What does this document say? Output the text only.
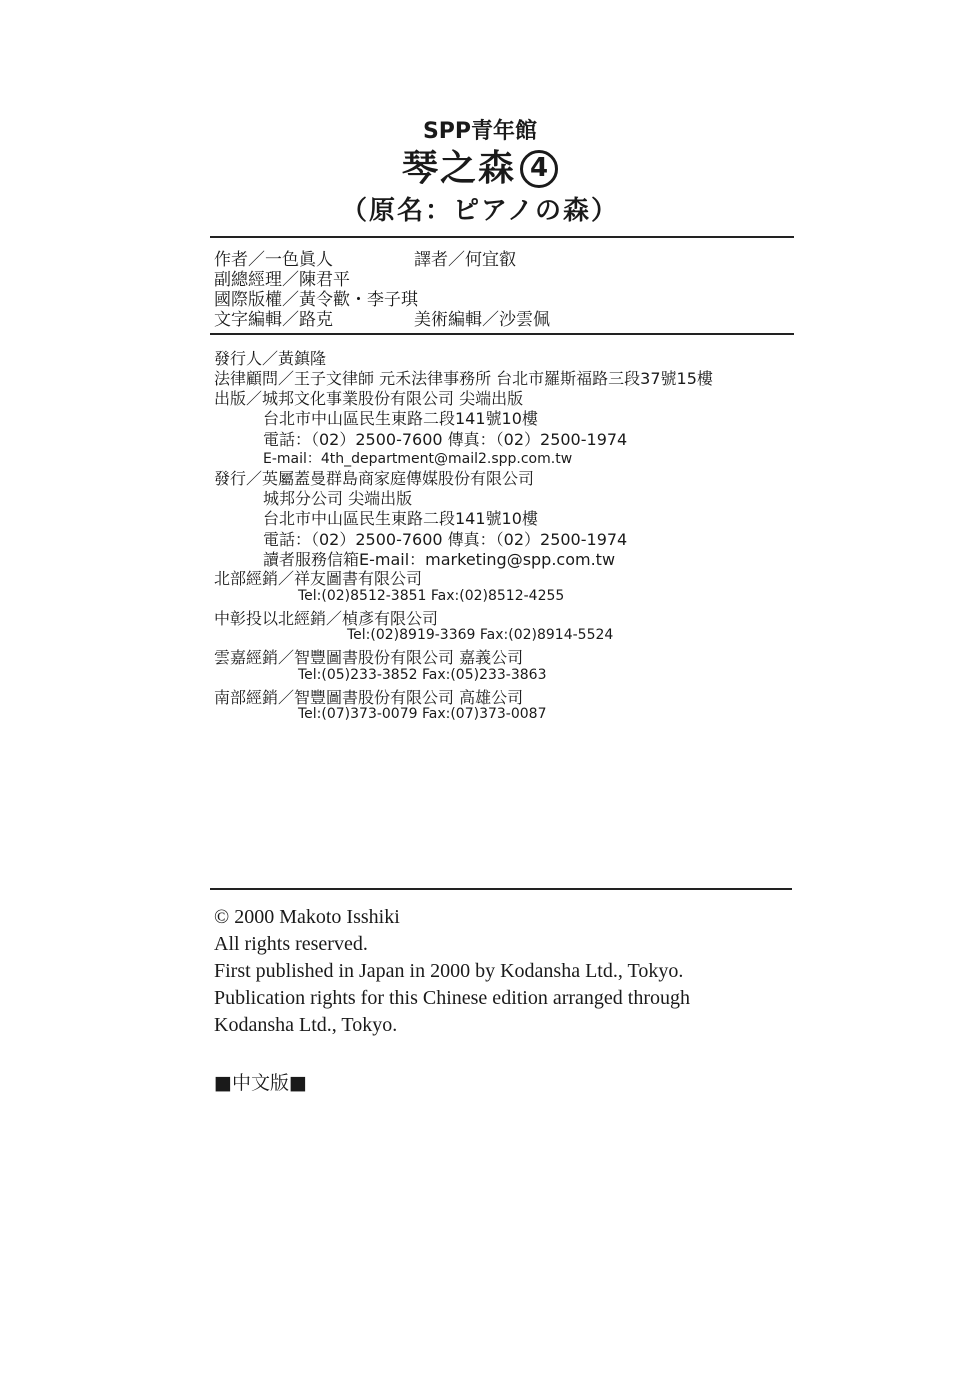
SPP青年館
琴之森 4
（原名：ピアノの森）
作者／一色眞人	譯者／何宜叡
副總經理／陳君平
國際版權／黃令歡・李子琪
文字編輯／路克	美術編輯／沙雲佩
發行人／黃鎮隆
法律顧問／王子文律師 元禾法律事務所 台北市羅斯福路三段37號15樓
出版／城邦文化事業股份有限公司 尖端出版
台北市中山區民生東路二段141號10樓
電話：（02）2500-7600 傳真：（02）2500-1974
E-mail：4th_department@mail2.spp.com.tw
發行／英屬蓋曼群島商家庭傳媒股份有限公司
城邦分公司 尖端出版
台北市中山區民生東路二段141號10樓
電話：（02）2500-7600 傳真：（02）2500-1974
讀者服務信箱E-mail：marketing@spp.com.tw
北部經銷／祥友圖書有限公司
Tel:(02)8512-3851 Fax:(02)8512-4255
中彰投以北經銷／楨彥有限公司
Tel:(02)8919-3369 Fax:(02)8914-5524
雲嘉經銷／智豐圖書股份有限公司 嘉義公司
Tel:(05)233-3852 Fax:(05)233-3863
南部經銷／智豐圖書股份有限公司 高雄公司
Tel:(07)373-0079 Fax:(07)373-0087
© 2000 Makoto Isshiki
All rights reserved.
First published in Japan in 2000 by Kodansha Ltd., Tokyo.
Publication rights for this Chinese edition arranged through
Kodansha Ltd., Tokyo.
■中文版■
